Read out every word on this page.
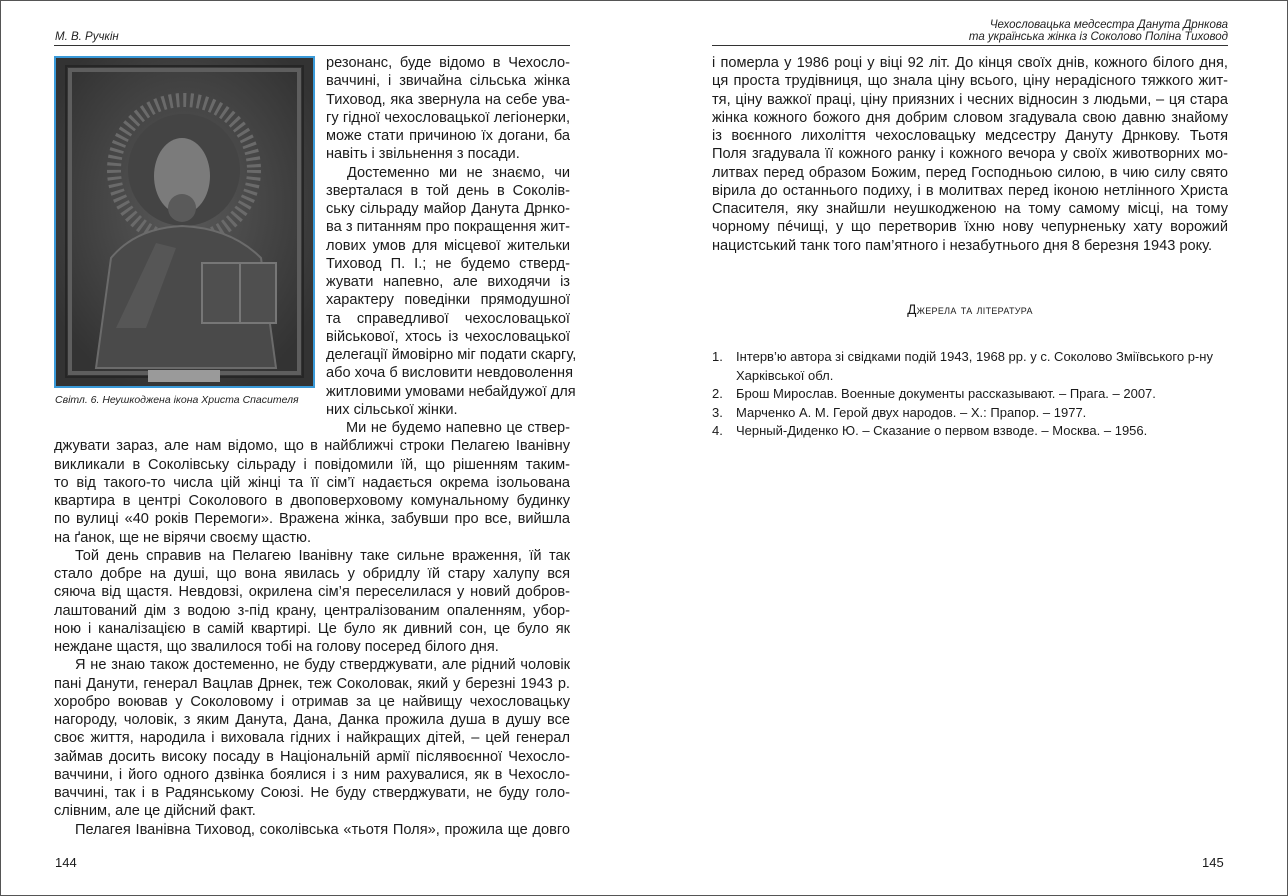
М. В. Ручкін
Світл. 6. Неушкоджена ікона Христа Спасителя
резонанс, буде відомо в Чехосло-
ваччині, і звичайна сільська жінка
Тиховод, яка звернула на себе ува-
гу гідної чехословацької легіонерки,
може стати причиною їх догани, ба
навіть і звільнення з посади.
Достеменно ми не знаємо, чи
зверталася в той день в Соколів-
ську сільраду майор Данута Дрнко-
ва з питанням про покращення жит-
лових умов для місцевої жительки
Тиховод П. І.; не будемо стверд-
жувати напевно, але виходячи із
характеру поведінки прямодушної
та справедливої чехословацької
військової, хтось із чехословацької
делегації ймовірно міг подати скаргу,
або хоча б висловити невдоволення
житловими умовами небайдужої для
них сільської жінки.
Ми не будемо напевно це ствер-
джувати зараз, але нам відомо, що в найближчі строки Пелагею Іванівну
викликали в Соколівську сільраду і повідомили їй, що рішенням таким-
то від такого-то числа цій жінці та її сім’ї надається окрема ізольована
квартира в центрі Соколового в двоповерховому комунальному будинку
по вулиці «40 років Перемоги». Вражена жінка, забувши про все, вийшла
на ґанок, ще не вірячи своєму щастю.
Той день справив на Пелагею Іванівну таке сильне враження, їй так
стало добре на душі, що вона явилась у обридлу їй стару халупу вся
сяюча від щастя. Невдовзі, окрилена сім’я переселилася у новий добров-
лаштований дім з водою з-під крану, централізованим опаленням, убор-
ною і каналізацією в самій квартирі. Це було як дивний сон, це було як
неждане щастя, що звалилося тобі на голову посеред білого дня.
Я не знаю також достеменно, не буду стверджувати, але рідний чоловік
пані Данути, генерал Вацлав Дрнек, теж Соколовак, який у березні 1943 р.
хоробро воював у Соколовому і отримав за це найвищу чехословацьку
нагороду, чоловік, з яким Данута, Дана, Данка прожила душа в душу все
своє життя, народила і виховала гідних і найкращих дітей, – цей генерал
займав досить високу посаду в Національній армії післявоєнної Чехосло-
ваччини, і його одного дзвінка боялися і з ним рахувалися, як в Чехосло-
ваччині, так і в Радянському Союзі. Не буду стверджувати, не буду голо-
слівним, але це дійсний факт.
Пелагея Іванівна Тиховод, соколівська «тьотя Поля», прожила ще довго
144
Чехословацька медсестра Данута Дрнкова
та українська жінка із Соколово Поліна Тиховод
і померла у 1986 році у віці 92 літ. До кінця своїх днів, кожного білого дня,
ця проста трудівниця, що знала ціну всього, ціну нерадісного тяжкого жит-
тя, ціну важкої праці, ціну приязних і чесних відносин з людьми, – ця стара
жінка кожного божого дня добрим словом згадувала свою давню знайому
із воєнного лихоліття чехословацьку медсестру Дануту Дрнкову. Тьотя
Поля згадувала її кожного ранку і кожного вечора у своїх животворних мо-
литвах перед образом Божим, перед Господньою силою, в чию силу свято
вірила до останнього подиху, і в молитвах перед іконою нетлінного Христа
Спасителя, яку знайшли неушкодженою на тому самому місці, на тому
чорному пéчищі, у що перетворив їхню нову чепурненьку хату ворожий
нацистський танк того пам’ятного і незабутнього дня 8 березня 1943 року.
145
Джерела та література
1.	Інтерв’ю автора зі свідками подій 1943, 1968 рр. у с. Соколово Зміївського р-ну Харківської обл.
2.	Брош Мирослав. Военные документы рассказывают. – Прага. – 2007.
3.	Марченко А. М. Герой двух народов. – Х.: Прапор. – 1977.
4.	Черный-Диденко Ю. – Сказание о первом взводе. – Москва. – 1956.
